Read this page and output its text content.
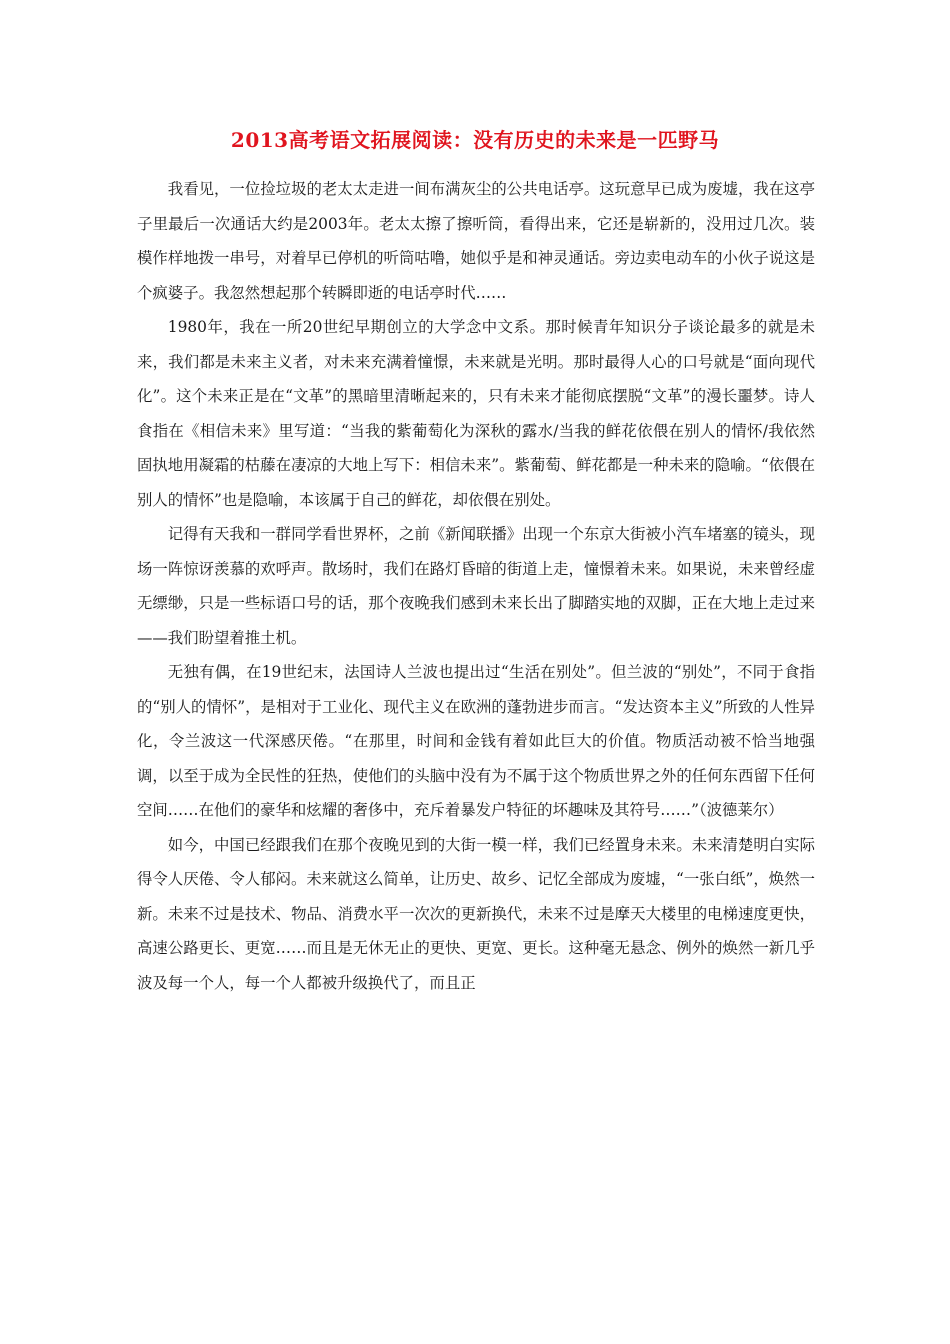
2013高考语文拓展阅读：没有历史的未来是一匹野马

我看见，一位捡垃圾的老太太走进一间布满灰尘的公共电话亭。这玩意早已成为废墟，我在这亭子里最后一次通话大约是2003年。老太太擦了擦听筒，看得出来，它还是崭新的，没用过几次。装模作样地拨一串号，对着早已停机的听筒咕噜，她似乎是和神灵通话。旁边卖电动车的小伙子说这是个疯婆子。我忽然想起那个转瞬即逝的电话亭时代……

1980年，我在一所20世纪早期创立的大学念中文系。那时候青年知识分子谈论最多的就是未来，我们都是未来主义者，对未来充满着憧憬，未来就是光明。那时最得人心的口号就是“面向现代化”。这个未来正是在“文革”的黑暗里清晰起来的，只有未来才能彻底摆脱“文革”的漫长噩梦。诗人食指在《相信未来》里写道：“当我的紫葡萄化为深秋的露水/当我的鲜花依偎在别人的情怀/我依然固执地用凝霜的枯藤在凄凉的大地上写下：相信未来”。紫葡萄、鲜花都是一种未来的隐喻。“依偎在别人的情怀”也是隐喻，本该属于自己的鲜花，却依偎在别处。

记得有天我和一群同学看世界杯，之前《新闻联播》出现一个东京大街被小汽车堵塞的镜头，现场一阵惊讶羡慕的欢呼声。散场时，我们在路灯昏暗的街道上走，憧憬着未来。如果说，未来曾经虚无缥缈，只是一些标语口号的话，那个夜晚我们感到未来长出了脚踏实地的双脚，正在大地上走过来——我们盼望着推土机。

无独有偶，在19世纪末，法国诗人兰波也提出过“生活在别处”。但兰波的“别处”，不同于食指的“别人的情怀”，是相对于工业化、现代主义在欧洲的蓬勃进步而言。“发达资本主义”所致的人性异化，令兰波这一代深感厌倦。“在那里，时间和金钱有着如此巨大的价值。物质活动被不恰当地强调，以至于成为全民性的狂热，使他们的头脑中没有为不属于这个物质世界之外的任何东西留下任何空间……在他们的豪华和炫耀的奢侈中，充斥着暴发户特征的坏趣味及其符号……”（波德莱尔）

如今，中国已经跟我们在那个夜晚见到的大街一模一样，我们已经置身未来。未来清楚明白实际得令人厌倦、令人郁闷。未来就这么简单，让历史、故乡、记忆全部成为废墟，“一张白纸”，焕然一新。未来不过是技术、物品、消费水平一次次的更新换代，未来不过是摩天大楼里的电梯速度更快，高速公路更长、更宽……而且是无休无止的更快、更宽、更长。这种毫无悬念、例外的焕然一新几乎波及每一个人，每一个人都被升级换代了，而且正
